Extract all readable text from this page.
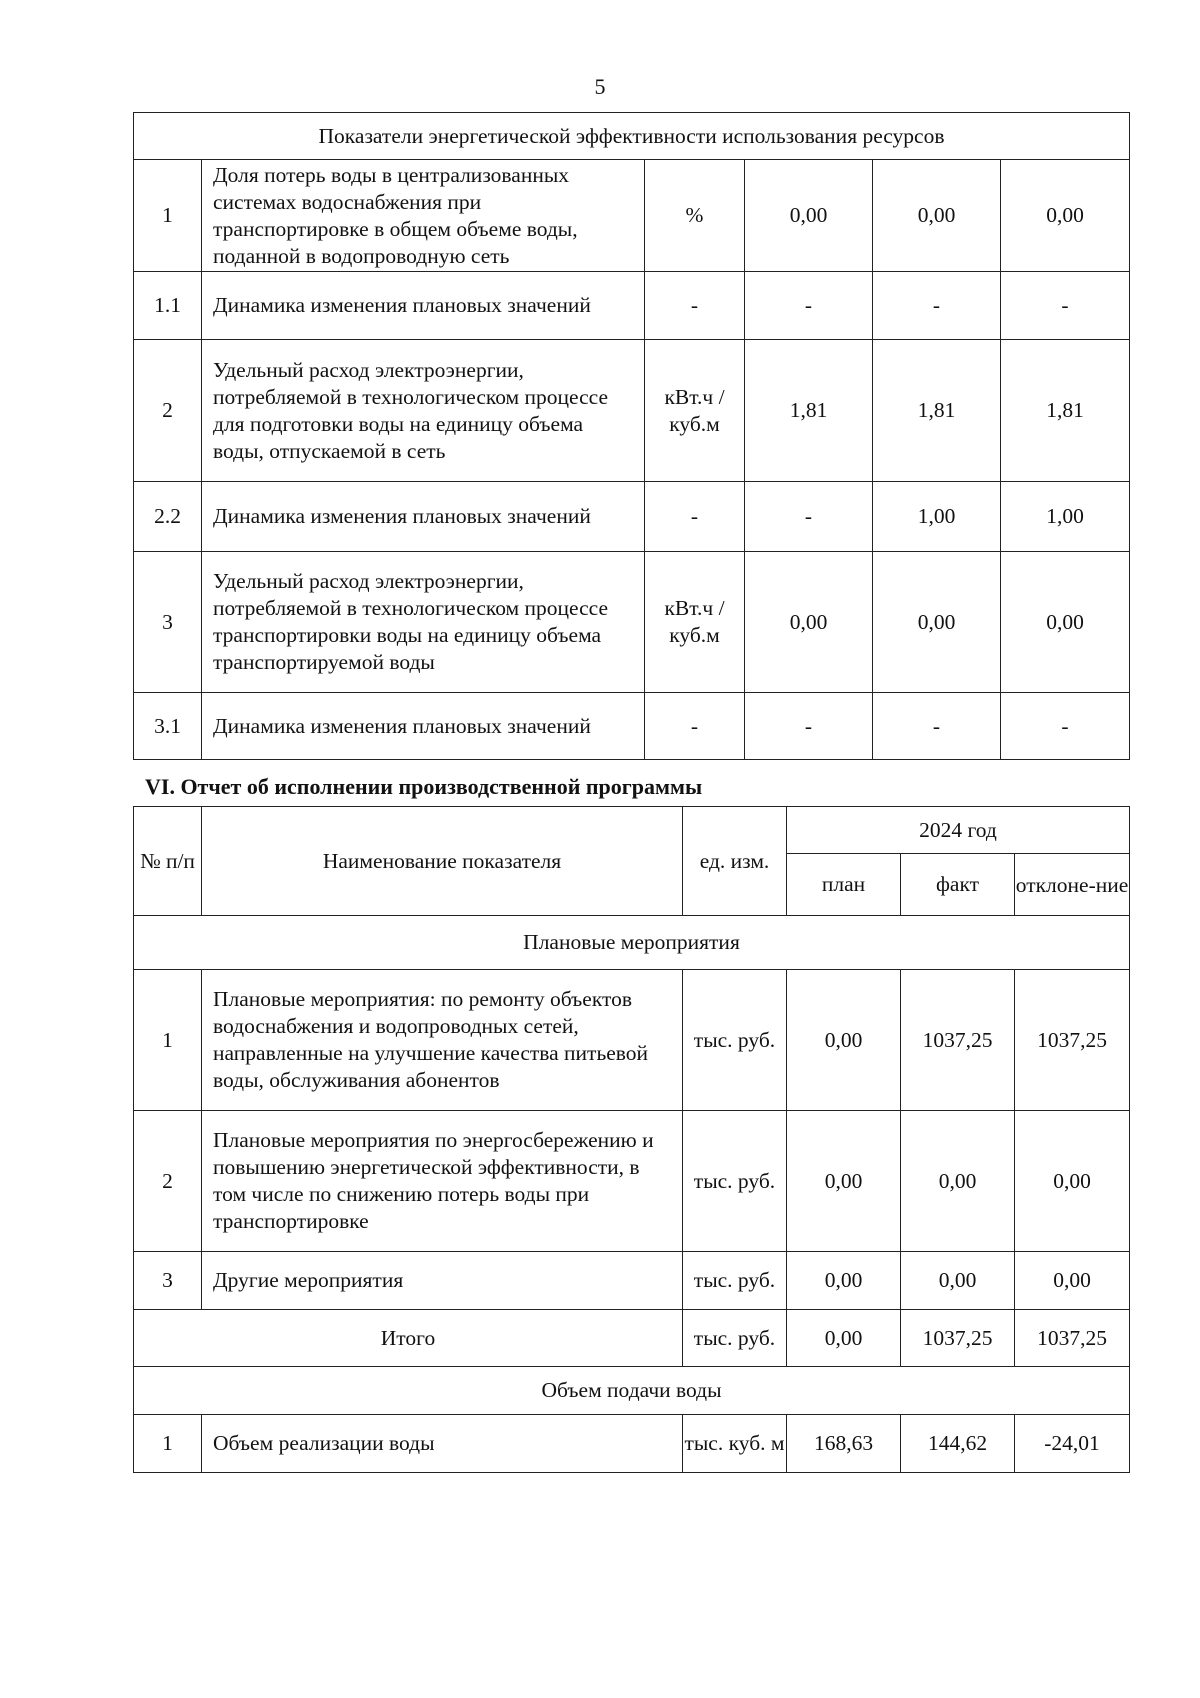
5
Показатели энергетической эффективности использования ресурсов					
1	Доля потерь воды в централизованных системах водоснабжения при транспортировке в общем объеме воды, поданной в водопроводную сеть	%	0,00	0,00	0,00
1.1	Динамика изменения плановых значений	-	-	-	-
2	Удельный расход электроэнергии, потребляемой в технологическом процессе для подготовки воды на единицу объема воды, отпускаемой в сеть	кВт.ч / куб.м	1,81	1,81	1,81
2.2	Динамика изменения плановых значений	-	-	1,00	1,00
3	Удельный расход электроэнергии, потребляемой в технологическом процессе транспортировки воды на единицу объема транспортируемой воды	кВт.ч / куб.м	0,00	0,00	0,00
3.1	Динамика изменения плановых значений	-	-	-	-
VI. Отчет об исполнении производственной программы
№ п/п	Наименование показателя	ед. изм.	2024 год		
			план	факт	отклоне-ние
Плановые мероприятия					
1	Плановые мероприятия: по ремонту объектов водоснабжения и водопроводных сетей, направленные на улучшение качества питьевой воды, обслуживания абонентов	тыс. руб.	0,00	1037,25	1037,25
2	Плановые мероприятия по энергосбережению и повышению энергетической эффективности, в том числе по снижению потерь воды при транспортировке	тыс. руб.	0,00	0,00	0,00
3	Другие мероприятия	тыс. руб.	0,00	0,00	0,00
Итого		тыс. руб.	0,00	1037,25	1037,25
Объем подачи воды					
1	Объем реализации воды	тыс. куб. м	168,63	144,62	-24,01
